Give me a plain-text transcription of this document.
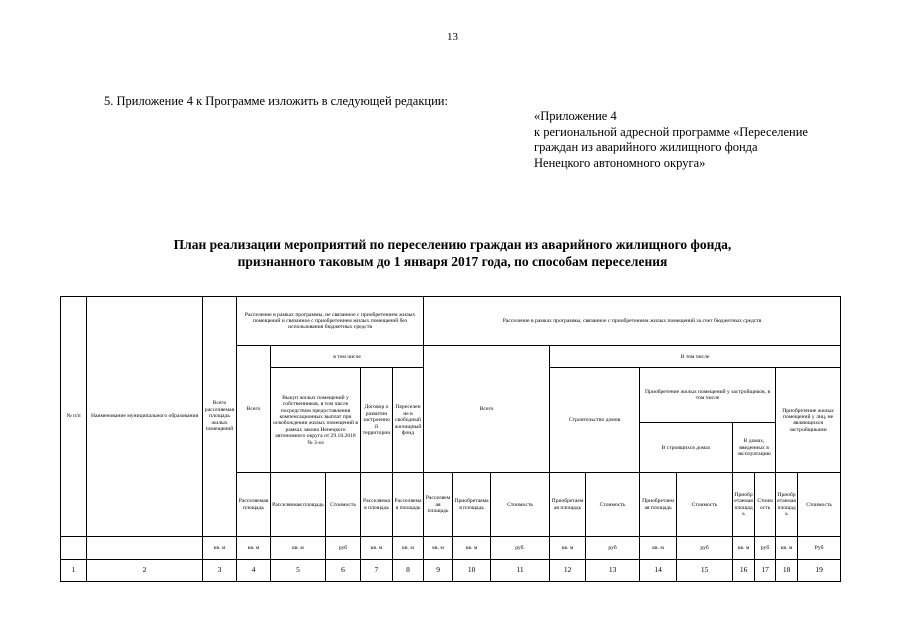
13
5. Приложение 4 к Программе изложить в следующей редакции:
«Приложение 4
к региональной адресной программе «Переселение
граждан из аварийного жилищного фонда
Ненецкого автономного округа»
План реализации мероприятий по переселению граждан из аварийного жилищного фонда,
признанного таковым до 1 января 2017 года, по способам переселения
№ п/п	Наименование муниципального образования	Всего расселяемая площадь жилых помещений	Расселение в рамках программы, не связанное с приобретением жилых помещений и связанное с приобретением жилых помещений без использования бюджетных средств					Расселение в рамках программы, связанное с приобретением жилых помещений за счет бюджетных средств										
			Всего	в том числе				Всего			В том числе							
				Выкуп жилых помещений у собственников, в том числе посредством предоставления компенсационных выплат при освобождении жилых помещений в рамках закона Ненецкого автономного округа от 29.10.2018 № 3-оз		Договор о развитии застроенной территории	Переселение в свободный жилищный фонд				Строительство домов		Приобретение жилых помещений у застройщиков, в том числе				Приобретение жилых помещений у лиц, не являющихся застройщиками	
													В строящихся домах		В домах, введенных в эксплуатацию			
			Расселяемая площадь	Расселяемая площадь	Стоимость	Расселяемая площадь	Расселяемая площадь	Расселяемая площадь	Приобретаемая площадь	Стоимость	Приобретаемая площадь	Стоимость	Приобретаемая площадь	Стоимость	Приобретаемая площадь	Стоимость	Приобретаемая площадь	Стоимость
		кв. м	кв. м	кв. м	руб	кв. м	кв. м	кв. м	кв. м	руб.	кв. м	руб	кв. м	руб	кв. м	руб	кв. м	Руб
1	2	3	4	5	6	7	8	9	10	11	12	13	14	15	16	17	18	19
